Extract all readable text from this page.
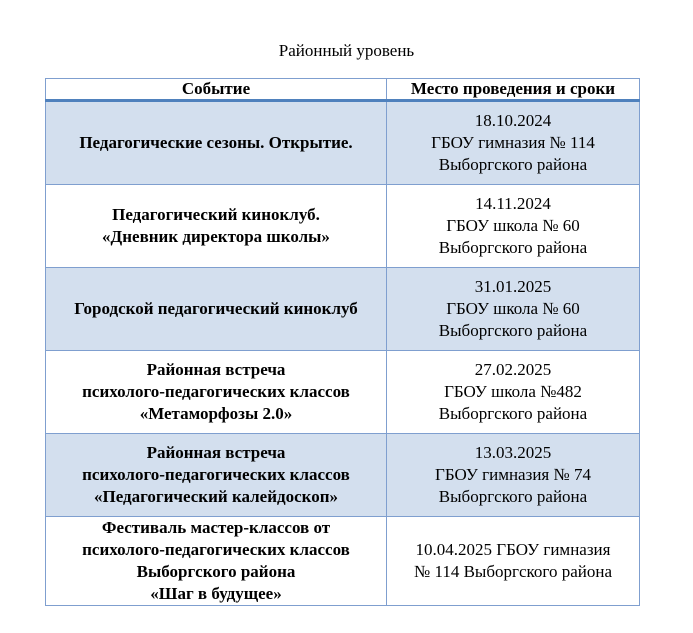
Районный уровень
Событие	Место проведения и сроки

Педагогические сезоны. Открытие.	18.10.2024
ГБОУ гимназия № 114
Выборгского района

Педагогический киноклуб.
«Дневник директора школы»	14.11.2024
ГБОУ школа № 60
Выборгского района

Городской педагогический киноклуб	31.01.2025
ГБОУ школа № 60
Выборгского района

Районная встреча
психолого-педагогических классов
«Метаморфозы 2.0»	27.02.2025
ГБОУ школа №482
Выборгского района

Районная встреча
психолого-педагогических классов
«Педагогический калейдоскоп»	13.03.2025
ГБОУ гимназия № 74
Выборгского района

Фестиваль мастер-классов от
психолого-педагогических классов
Выборгского района
«Шаг в будущее»	10.04.2025 ГБОУ гимназия
№ 114 Выборгского района
